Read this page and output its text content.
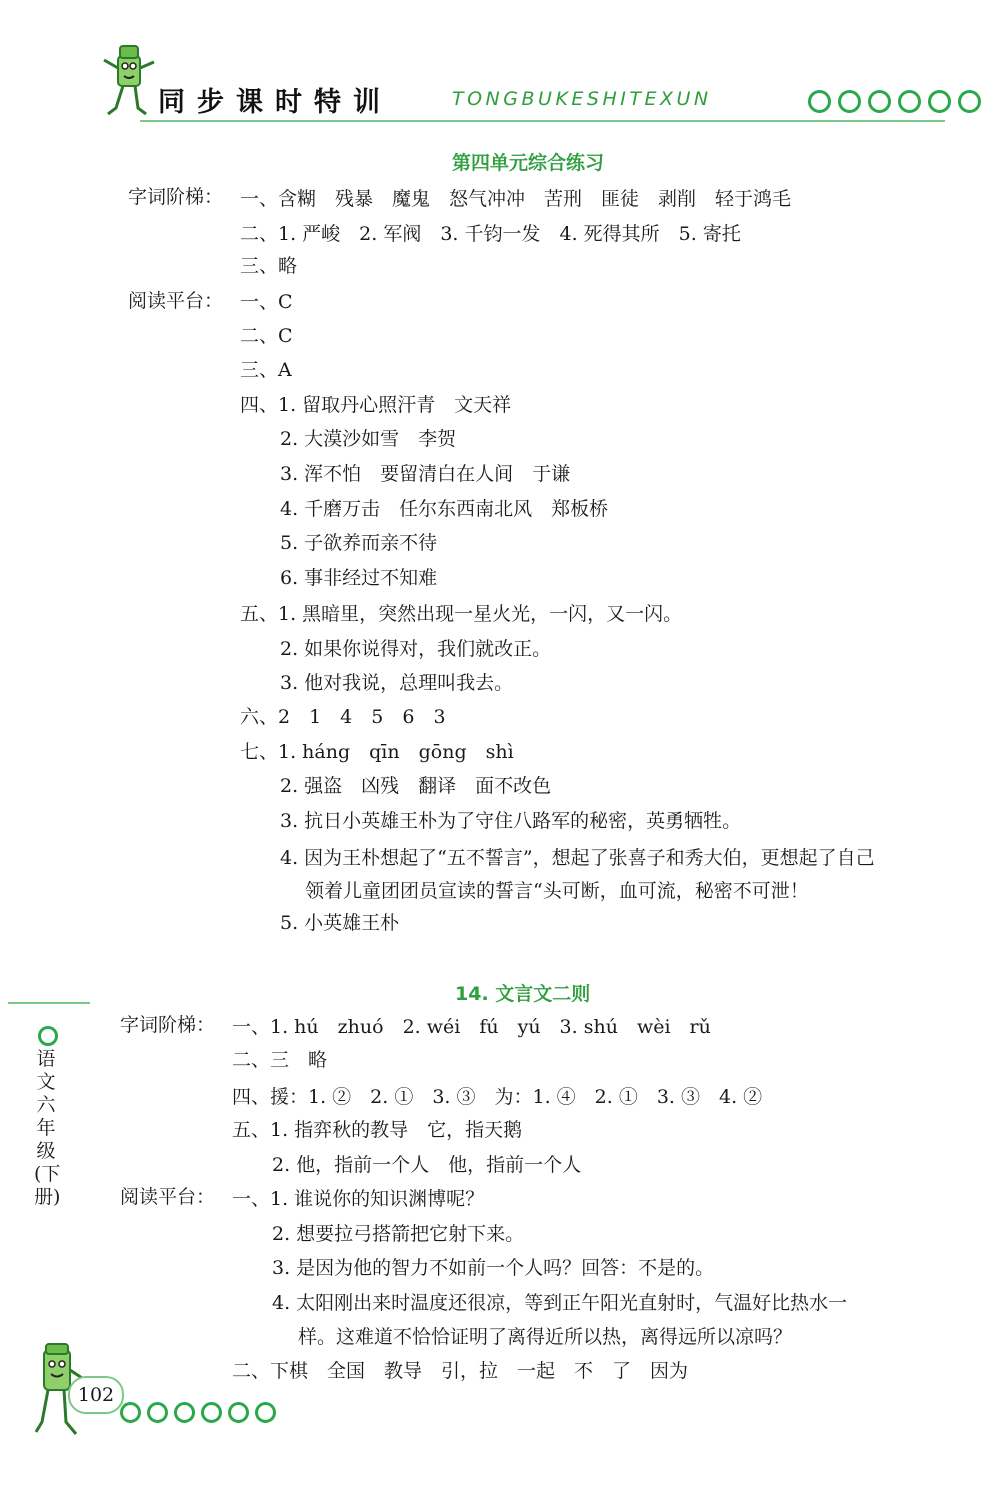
同步课时特训	TONGBUKESHITEXUN
第四单元综合练习
字词阶梯： 一、含糊　残暴　魔鬼　怒气冲冲　苦刑　匪徒　剥削　轻于鸿毛
二、1. 严峻　2. 军阀　3. 千钧一发　4. 死得其所　5. 寄托
三、略
阅读平台： 一、C
二、C
三、A
四、1. 留取丹心照汗青　文天祥
2. 大漠沙如雪　李贺
3. 浑不怕　要留清白在人间　于谦
4. 千磨万击　任尔东西南北风　郑板桥
5. 子欲养而亲不待
6. 事非经过不知难
五、1. 黑暗里，突然出现一星火光，一闪，又一闪。
2. 如果你说得对，我们就改正。
3. 他对我说，总理叫我去。
六、2　1　4　5　6　3
七、1. háng　qīn　gōng　shì
2. 强盗　凶残　翻译　面不改色
3. 抗日小英雄王朴为了守住八路军的秘密，英勇牺牲。
4. 因为王朴想起了“五不誓言”，想起了张喜子和秀大伯，更想起了自己
领着儿童团团员宣读的誓言“头可断，血可流，秘密不可泄！
5. 小英雄王朴
14. 文言文二则
字词阶梯： 一、1. hú　zhuó　2. wéi　fú　yú　3. shú　wèi　rǔ
二、三　略
四、援：1. ②　2. ①　3. ③　为：1. ④　2. ①　3. ③　4. ②
五、1. 指弈秋的教导　它，指天鹅
2. 他，指前一个人　他，指前一个人
阅读平台： 一、1. 谁说你的知识渊博呢？
2. 想要拉弓搭箭把它射下来。
3. 是因为他的智力不如前一个人吗？回答：不是的。
4. 太阳刚出来时温度还很凉，等到正午阳光直射时，气温好比热水一
样。这难道不恰恰证明了离得近所以热，离得远所以凉吗？
二、下棋　全国　教导　引，拉　一起　不　了　因为
语文　六年级(下册)
102
